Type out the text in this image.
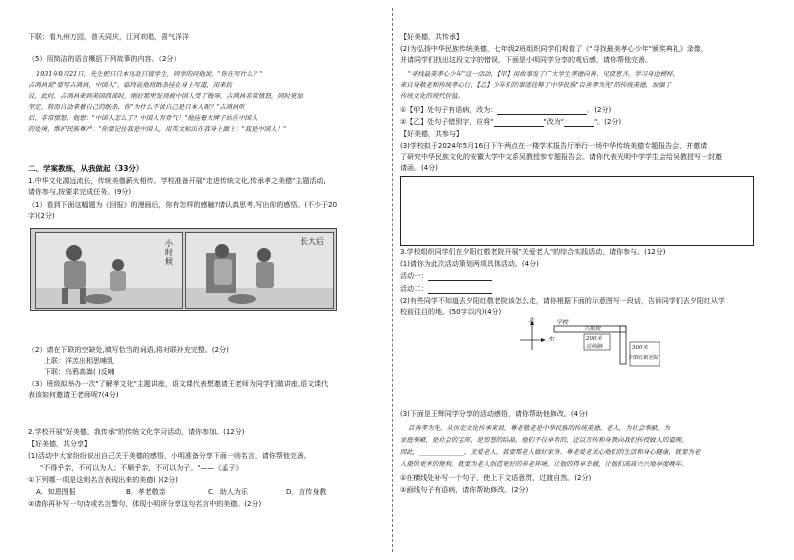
下联：看九州万园，普天同庆，江河欢唱，喜气洋洋
（5）用简洁的语言概括下列故事的内容。（2分）
1931年9月21日，先生把日日本鸟赴日留学生，同学的问他说，"你在写什么？"
吉鸿昌说"要写吉鸿昌，中国人"，临终前他将纸条挂在身上写道，用来抗
议，此时，吉鸿昌来到美国西部时，刚好那里发现被中国人受了侮辱，吉鸿昌非常愤怒，同时更加
坚定，转而自动拿着自己的纸条，你"为什么不说自己是日本人呢？"吉鸿昌听
后，非常愤怒，他想："中国人怎么了？中国人有骨气！"他挂着大牌子站在中国人
的处境，维护民族尊严："你要记住我是中国人，用英文标出在我身上面上："我是中国人！"
二、学案教练，从我做起（33分）
1.中华文化源远流长，传统美德薪火相传。学校准备开展"走进传统文化,传承孝之美德"主题活动,
请你参与,按要求完成任务。(9分)
（1）看到下面这幅题为《回报》的漫画后，你有怎样的感触?请认真思考,写出你的感悟。(不少于20
字)(2分)
小时候
长大后
（2）请在下联的空缺处,填写恰当的词语,将对联补充完整。(2分)
上联：洋羔出相思哺乳
下联：乌鸦高嵩( )反哺
（3）班级拟举办一次"了解孝文化"主题讲座，语文课代表想邀请王老师为同学们做讲座,语文课代
表该如何邀请王老师呢?(4分)
2.学校开展"好美德，我传承"的传统文化学习活动，请你参加。(12分)
【好美德，共分享】
(1)活动中大家纷纷说出自己关于美德的感悟，小明准备分享下面一则名言，请你帮他完善。
"不得乎亲，不可以为人；不顺乎亲，不可以为子。"——《孟子》
①下列哪一项是这则名言表现出来的美德( )(2分)
A．知恩图报	B．孝老敬亲	C．助人为乐	D．言传身教
②请你再补写一句诗或名言警句，体现小明所分享这句名言中的美德。(2分)
【好美德，共传承】
(2)为弘扬中华民族传统美德，七年级2班组织同学们观看了《"寻找最美孝心少年"颁奖典礼》录像，
并请同学们找出这段文字的错误，下面是小明同学分享的观后感，请你帮他完善。
"寻找最美孝心少年"这一活动，【甲】用故事发了广大学生孝德向善、见贤思齐，学习身边榜样，
来自身敬老和传统孝心行，【乙】少年们的事迹诠释了中华民族"百善孝为先"的传统美德，加强了
传统文化的现代价值。
①【甲】处句子有语病，改为：	。(2分)
②【乙】处句子错别字，应将"	"改为"	"。(2分)
【好美德，共参与】
(3)学校拟于2024年5月16日下午两点在一楼学术报告厅举行一场中华传统美德专题报告会，并邀请
了研究中华民族文化的安徽大学中文系吴教授参专题报告会。请你代表光明中学学生会给吴教授写一封邀
请函。(4分)
3.学校组织同学们在夕阳红敬老院开展"关爱老人"的综合实践活动，请你参与。(12分)
(1)请你为此次活动策划两项具体活动。(4分)
活动一：
活动二：
(2)有些同学不知道去夕阳红敬老院该怎么走，请你根据下面的示意图写一段话，告诉同学们去夕阳红从学
校前往目的地。(50字以内)(4分)
北
东
学校
兴振街
200米
昆明路	300米
夕阳红敬老院
(3)下面是王辉同学分享的活动感悟，请你帮助他修改。(4分)
百善孝为先。从历史文化传承来说，尊老敬老是中华民族的传统美德。老人，为社会奉献，为
家庭奉献，是社会的宝库，是智慧的结晶。他们不仅享有的，还以言传和身教向我们传授做人的道理。
因此，______________。关爱老人，我要帮老人做好家务、尊老爱老关心他们的生活和身心健康，就要为老
人提供更多的便利，就要为老人创造更好的养老环境，让他的得享幸福，让他们高高兴兴地享度晚年。
①在横线处补写一个句子，使上下文语意贯，过渡自然。(2分)
②画线句子有语病，请你帮助修改。(2分)
